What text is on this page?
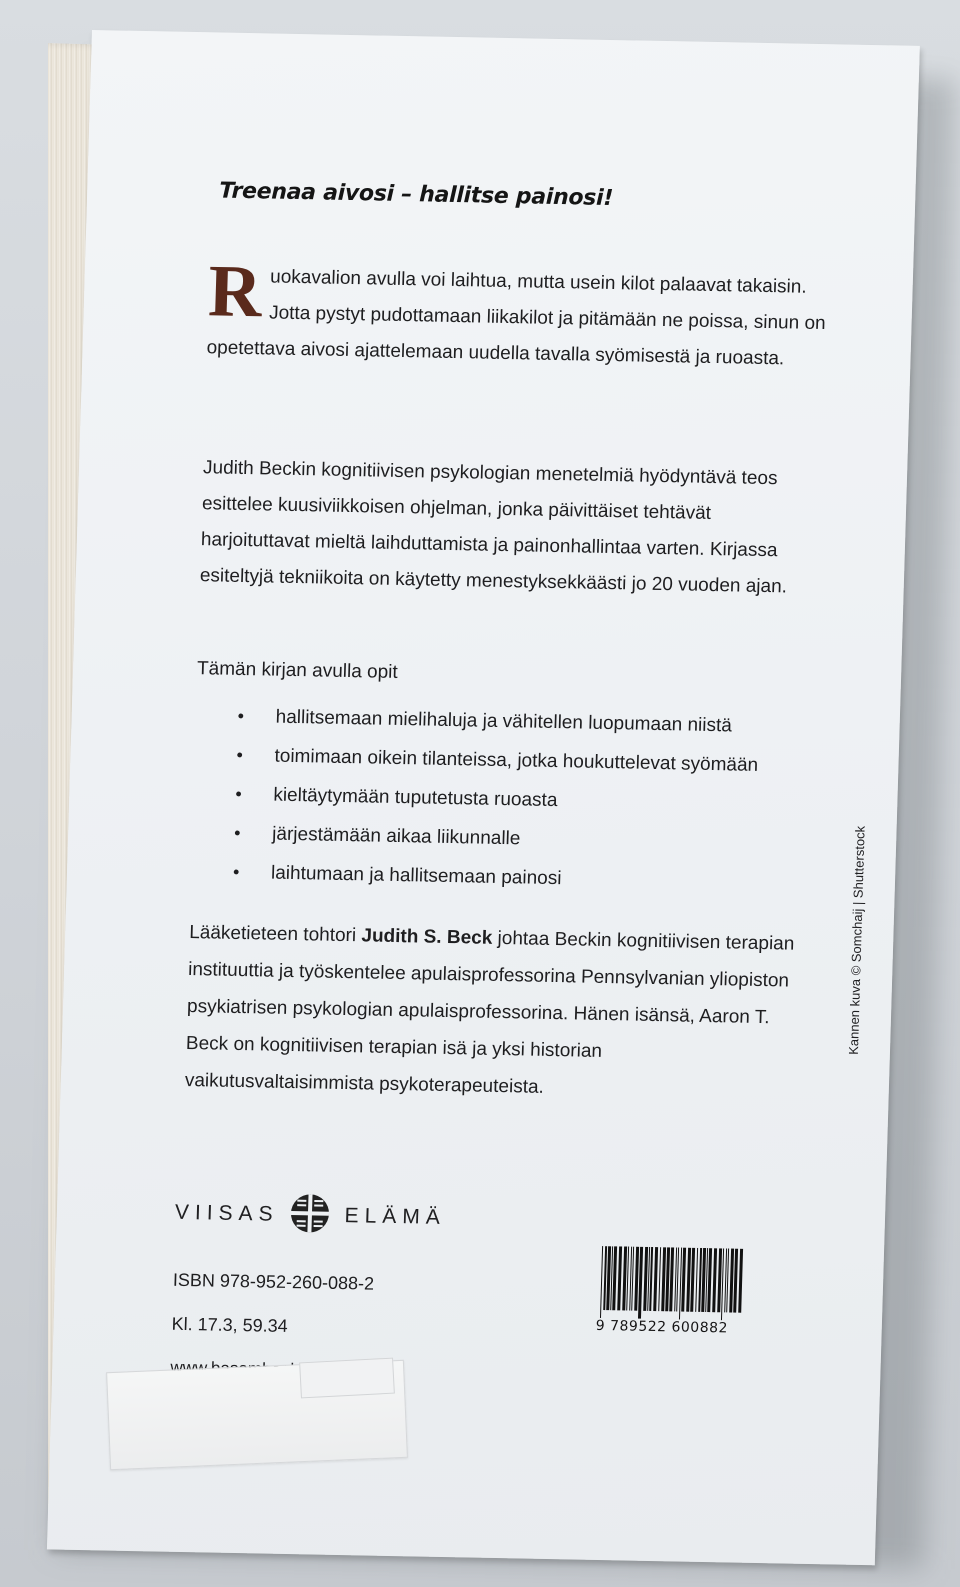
Treenaa aivosi – hallitse painosi!

Ruokavalion avulla voi laihtua, mutta usein kilot palaavat takaisin. Jotta pystyt pudottamaan liikakilot ja pitämään ne poissa, sinun on opetettava aivosi ajattelemaan uudella tavalla syömisestä ja ruoasta.

Judith Beckin kognitiivisen psykologian menetelmiä hyödyntävä teos esittelee kuusiviikkoisen ohjelman, jonka päivittäiset tehtävät harjoituttavat mieltä laihduttamista ja painonhallintaa varten. Kirjassa esiteltyjä tekniikoita on käytetty menestyksekkäästi jo 20 vuoden ajan.

Tämän kirjan avulla opit

• hallitsemaan mielihaluja ja vähitellen luopumaan niistä
• toimimaan oikein tilanteissa, jotka houkuttelevat syömään
• kieltäytymään tuputetusta ruoasta
• järjestämään aikaa liikunnalle
• laihtumaan ja hallitsemaan painosi

Lääketieteen tohtori Judith S. Beck johtaa Beckin kognitiivisen terapian instituuttia ja työskentelee apulaisprofessorina Pennsylvanian yliopiston psykiatrisen psykologian apulaisprofessorina. Hänen isänsä, Aaron T. Beck on kognitiivisen terapian isä ja yksi historian vaikutusvaltaisimmista psykoterapeuteista.

VIISAS	ELÄMÄ

ISBN 978-952-260-088-2

Kl. 17.3, 59.34	9 789522 600882

Kannen kuva © Somchaij | Shutterstock
